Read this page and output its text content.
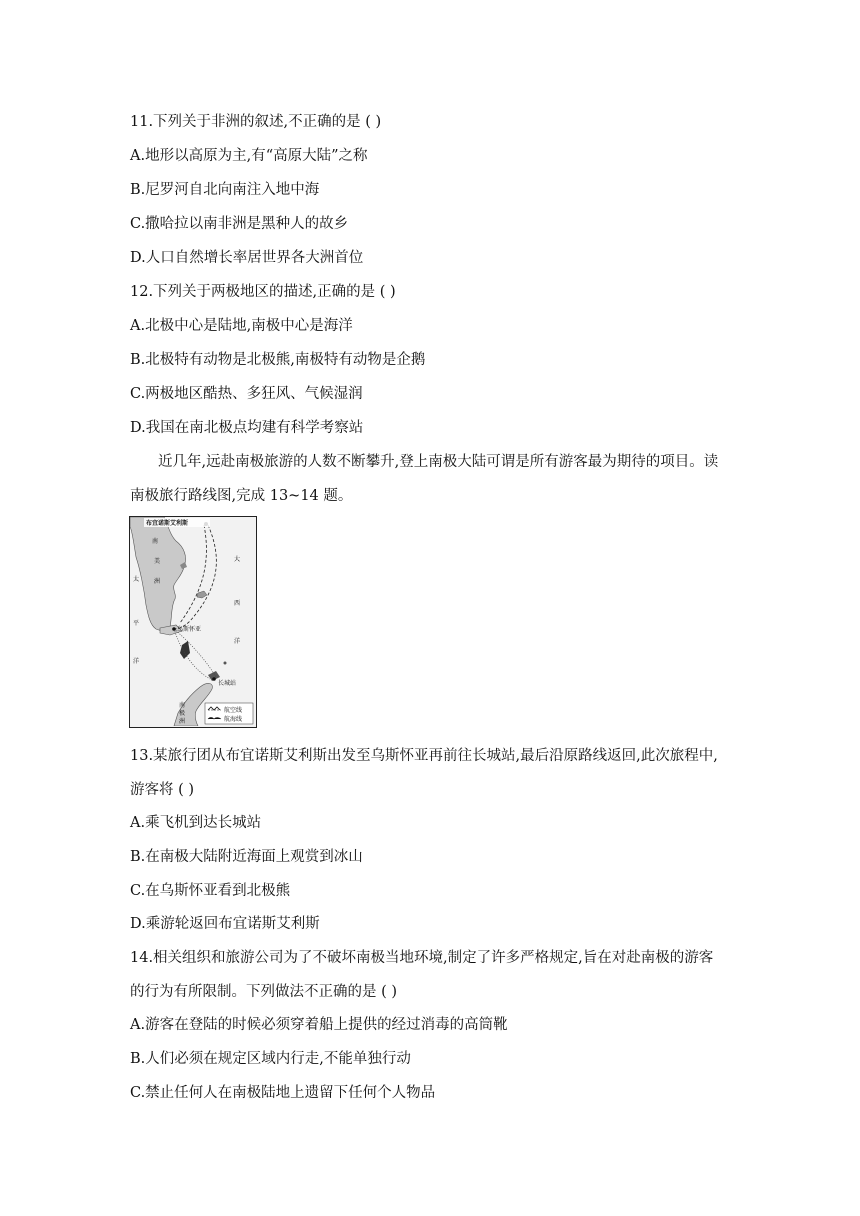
11.下列关于非洲的叙述,不正确的是 ( )
A.地形以高原为主,有“高原大陆”之称
B.尼罗河自北向南注入地中海
C.撒哈拉以南非洲是黑种人的故乡
D.人口自然增长率居世界各大洲首位
12.下列关于两极地区的描述,正确的是 ( )
A.北极中心是陆地,南极中心是海洋
B.北极特有动物是北极熊,南极特有动物是企鹅
C.两极地区酷热、多狂风、气候湿润
D.我国在南北极点均建有科学考察站
近几年,远赴南极旅游的人数不断攀升,登上南极大陆可谓是所有游客最为期待的项目。读
南极旅行路线图,完成 13~14 题。
布宜诺斯艾利斯
南
美
洲
太
平
洋
大
西
洋
乌斯怀亚
长城站
南
极
洲
航空线
航海线
13.某旅行团从布宜诺斯艾利斯出发至乌斯怀亚再前往长城站,最后沿原路线返回,此次旅程中,
游客将 ( )
A.乘飞机到达长城站
B.在南极大陆附近海面上观赏到冰山
C.在乌斯怀亚看到北极熊
D.乘游轮返回布宜诺斯艾利斯
14.相关组织和旅游公司为了不破坏南极当地环境,制定了许多严格规定,旨在对赴南极的游客
的行为有所限制。下列做法不正确的是 ( )
A.游客在登陆的时候必须穿着船上提供的经过消毒的高筒靴
B.人们必须在规定区域内行走,不能单独行动
C.禁止任何人在南极陆地上遗留下任何个人物品
